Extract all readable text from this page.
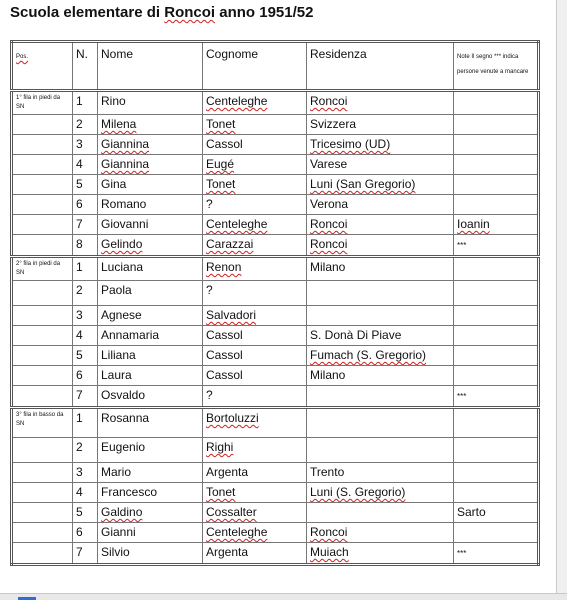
Scuola elementare di Roncoi anno 1951/52
Pos.	N.	Nome	Cognome	Residenza	Note Il segno *** indica persone venute a mancare

1° fila in piedi da SN	1	Rino	Centeleghe	Roncoi	
	2	Milena	Tonet	Svizzera	
	3	Giannina	Cassol	Tricesimo (UD)	
	4	Giannina	Eugé	Varese	
	5	Gina	Tonet	Luni (San Gregorio)	
	6	Romano	?	Verona	
	7	Giovanni	Centeleghe	Roncoi	Ioanin
	8	Gelindo	Carazzai	Roncoi	***

2° fila in piedi da SN	1	Luciana	Renon	Milano	
	2	Paola	?		
	3	Agnese	Salvadori		
	4	Annamaria	Cassol	S. Donà Di Piave	
	5	Liliana	Cassol	Fumach (S. Gregorio)	
	6	Laura	Cassol	Milano	
	7	Osvaldo	?		***

3° fila in basso da SN	1	Rosanna	Bortoluzzi		
	2	Eugenio	Righi		
	3	Mario	Argenta	Trento	
	4	Francesco	Tonet	Luni (S. Gregorio)	
	5	Galdino	Cossalter		Sarto
	6	Gianni	Centeleghe	Roncoi	
	7	Silvio	Argenta	Muiach	***
